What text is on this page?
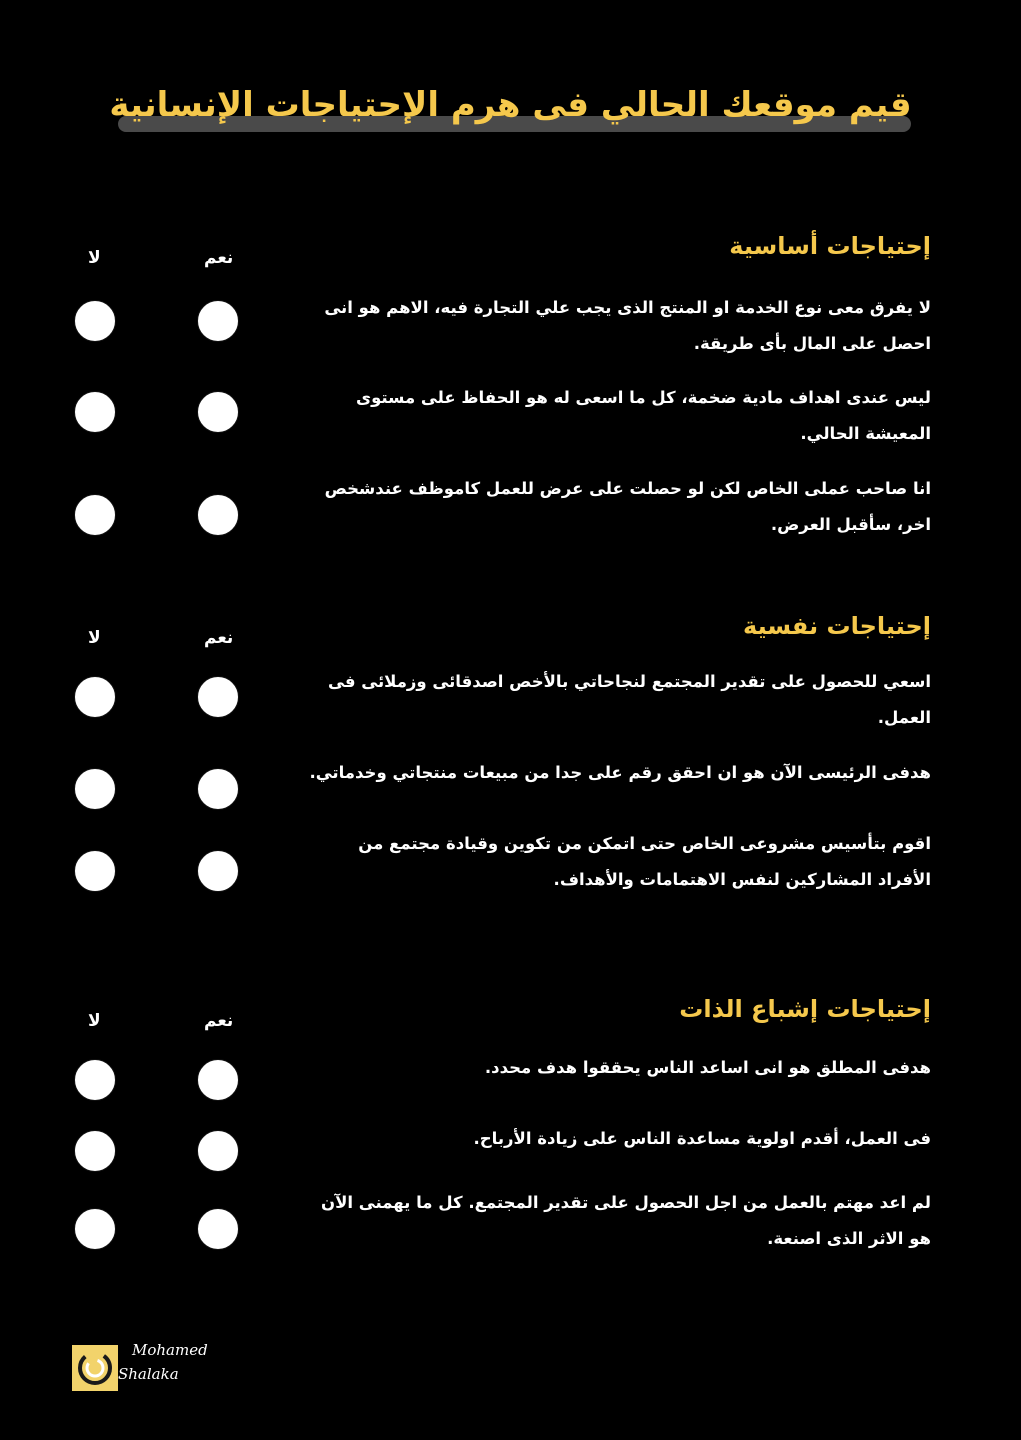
قيم موقعك الحالي فى هرم الإحتياجات الإنسانية
إحتياجات أساسية
نعم
لا
لا يفرق معى نوع الخدمة او المنتج الذى يجب علي التجارة فيه، الاهم هو انى احصل على المال بأى طريقة.
ليس عندى اهداف مادية ضخمة، كل ما اسعى له هو الحفاظ على مستوى المعيشة الحالي.
انا صاحب عملى الخاص لكن لو حصلت على عرض للعمل كاموظف عندشخص اخر، سأقبل العرض.
إحتياجات نفسية
نعم
لا
اسعي للحصول على تقدير المجتمع لنجاحاتي بالأخص اصدقائى وزملائى فى العمل.
هدفى الرئيسى الآن هو ان احقق رقم على جدا من مبيعات منتجاتي وخدماتي.
اقوم بتأسيس مشروعى الخاص حتى اتمكن من تكوين وقيادة مجتمع من الأفراد المشاركين لنفس الاهتمامات والأهداف.
إحتياجات إشباع الذات
نعم
لا
هدفى المطلق هو انى اساعد الناس يحققوا هدف محدد.
فى العمل، أقدم اولوية مساعدة الناس على زيادة الأرباح.
لم اعد مهتم بالعمل من اجل الحصول على تقدير المجتمع. كل ما يهمنى الآن هو الاثر الذى اصنعة.
Mohamed
Shalaka
